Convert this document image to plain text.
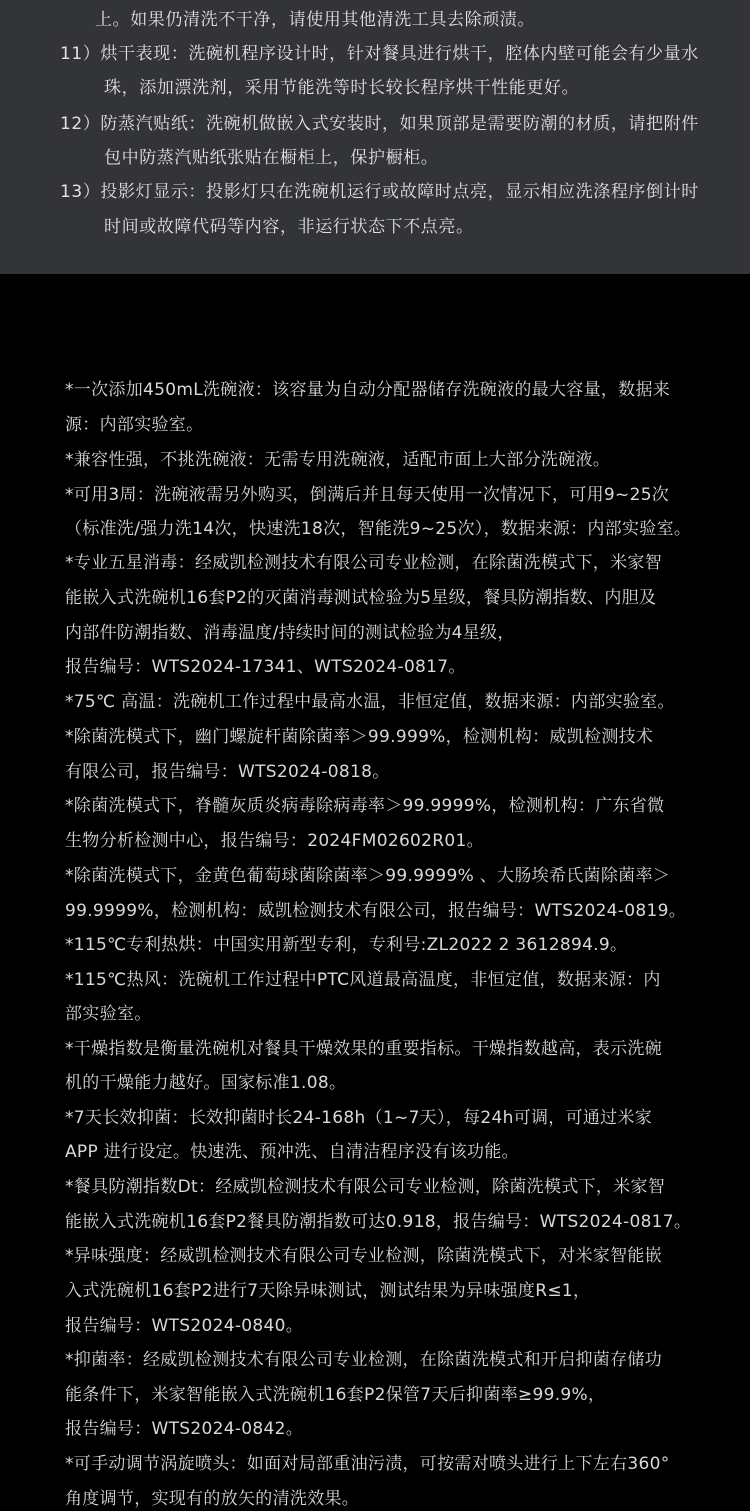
上。如果仍清洗不干净，请使用其他清洗工具去除顽渍。
11）烘干表现：洗碗机程序设计时，针对餐具进行烘干，腔体内壁可能会有少量水
珠，添加漂洗剂，采用节能洗等时长较长程序烘干性能更好。
12）防蒸汽贴纸：洗碗机做嵌入式安装时，如果顶部是需要防潮的材质，请把附件
包中防蒸汽贴纸张贴在橱柜上，保护橱柜。
13）投影灯显示：投影灯只在洗碗机运行或故障时点亮，显示相应洗涤程序倒计时
时间或故障代码等内容，非运行状态下不点亮。
*一次添加450mL洗碗液：该容量为自动分配器储存洗碗液的最大容量，数据来
源：内部实验室。
*兼容性强，不挑洗碗液：无需专用洗碗液，适配市面上大部分洗碗液。
*可用3周：洗碗液需另外购买，倒满后并且每天使用一次情况下，可用9~25次
（标准洗/强力洗14次，快速洗18次，智能洗9~25次），数据来源：内部实验室。
*专业五星消毒：经威凯检测技术有限公司专业检测，在除菌洗模式下，米家智
能嵌入式洗碗机16套P2的灭菌消毒测试检验为5星级，餐具防潮指数、内胆及
内部件防潮指数、消毒温度/持续时间的测试检验为4星级，
报告编号：WTS2024-17341、WTS2024-0817。
*75℃ 高温：洗碗机工作过程中最高水温，非恒定值，数据来源：内部实验室。
*除菌洗模式下，幽门螺旋杆菌除菌率＞99.999%，检测机构：威凯检测技术
有限公司，报告编号：WTS2024-0818。
*除菌洗模式下，脊髓灰质炎病毒除病毒率＞99.9999%，检测机构：广东省微
生物分析检测中心，报告编号：2024FM02602R01。
*除菌洗模式下，金黄色葡萄球菌除菌率＞99.9999% 、大肠埃希氏菌除菌率＞
99.9999%，检测机构：威凯检测技术有限公司，报告编号：WTS2024-0819。
*115℃专利热烘：中国实用新型专利，专利号:ZL2022 2 3612894.9。
*115℃热风：洗碗机工作过程中PTC风道最高温度，非恒定值，数据来源：内
部实验室。
*干燥指数是衡量洗碗机对餐具干燥效果的重要指标。干燥指数越高，表示洗碗
机的干燥能力越好。国家标准1.08。
*7天长效抑菌：长效抑菌时长24-168h（1~7天），每24h可调，可通过米家
APP 进行设定。快速洗、预冲洗、自清洁程序没有该功能。
*餐具防潮指数Dt：经威凯检测技术有限公司专业检测，除菌洗模式下，米家智
能嵌入式洗碗机16套P2餐具防潮指数可达0.918，报告编号：WTS2024-0817。
*异味强度：经威凯检测技术有限公司专业检测，除菌洗模式下，对米家智能嵌
入式洗碗机16套P2进行7天除异味测试，测试结果为异味强度R≤1，
报告编号：WTS2024-0840。
*抑菌率：经威凯检测技术有限公司专业检测，在除菌洗模式和开启抑菌存储功
能条件下，米家智能嵌入式洗碗机16套P2保管7天后抑菌率≥99.9%，
报告编号：WTS2024-0842。
*可手动调节涡旋喷头：如面对局部重油污渍，可按需对喷头进行上下左右360°
角度调节，实现有的放矢的清洗效果。
